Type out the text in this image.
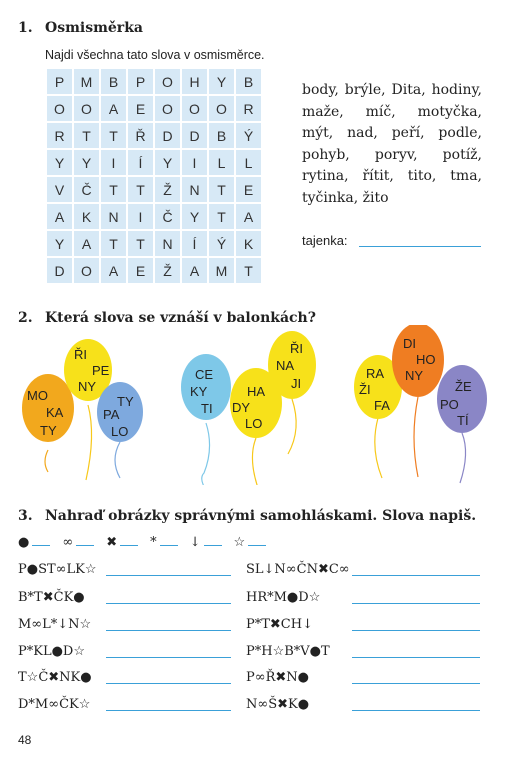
1. Osmisměrka
Najdi všechna tato slova v osmisměrce.
P	M	B	P	O	H	Y	B
O	O	A	E	O	O	O	R
R	T	T	Ř	D	D	B	Ý
Y	Y	I	Í	Y	I	L	L
V	Č	T	T	Ž	N	T	E
A	K	N	I	Č	Y	T	A
Y	A	T	T	N	Í	Ý	K
D	O	A	E	Ž	A	M	T
body, brýle, Dita, hodiny, maže, míč, motyčka, mýt, nad, peří, podle, pohyb, poryv, potíž, rytina, řítit, tito, tma, tyčinka, žito
tajenka:
2. Která slova se vznáší v balonkách?
MO
KA
TY
ŘI
PE
NY
TY
PA
LO
CE
KY
TI
HA
DY
LO
ŘI
NA
JI
RA
ŽI
FA
DI
HO
NY
ŽE
PO
TÍ
3. Nahraď obrázky správnými samohláskami. Slova napiš.
●	∞	✖	*	↓	☆
P●ST∞LK☆
B*T✖ČK●
M∞L*↓N☆
P*KL●D☆
T☆Č✖NK●
D*M∞ČK☆
SL↓N∞ČN✖C∞
HR*M●D☆
P*T✖CH↓
P*H☆B*V●T
P∞Ř✖N●
N∞Š✖K●
48
